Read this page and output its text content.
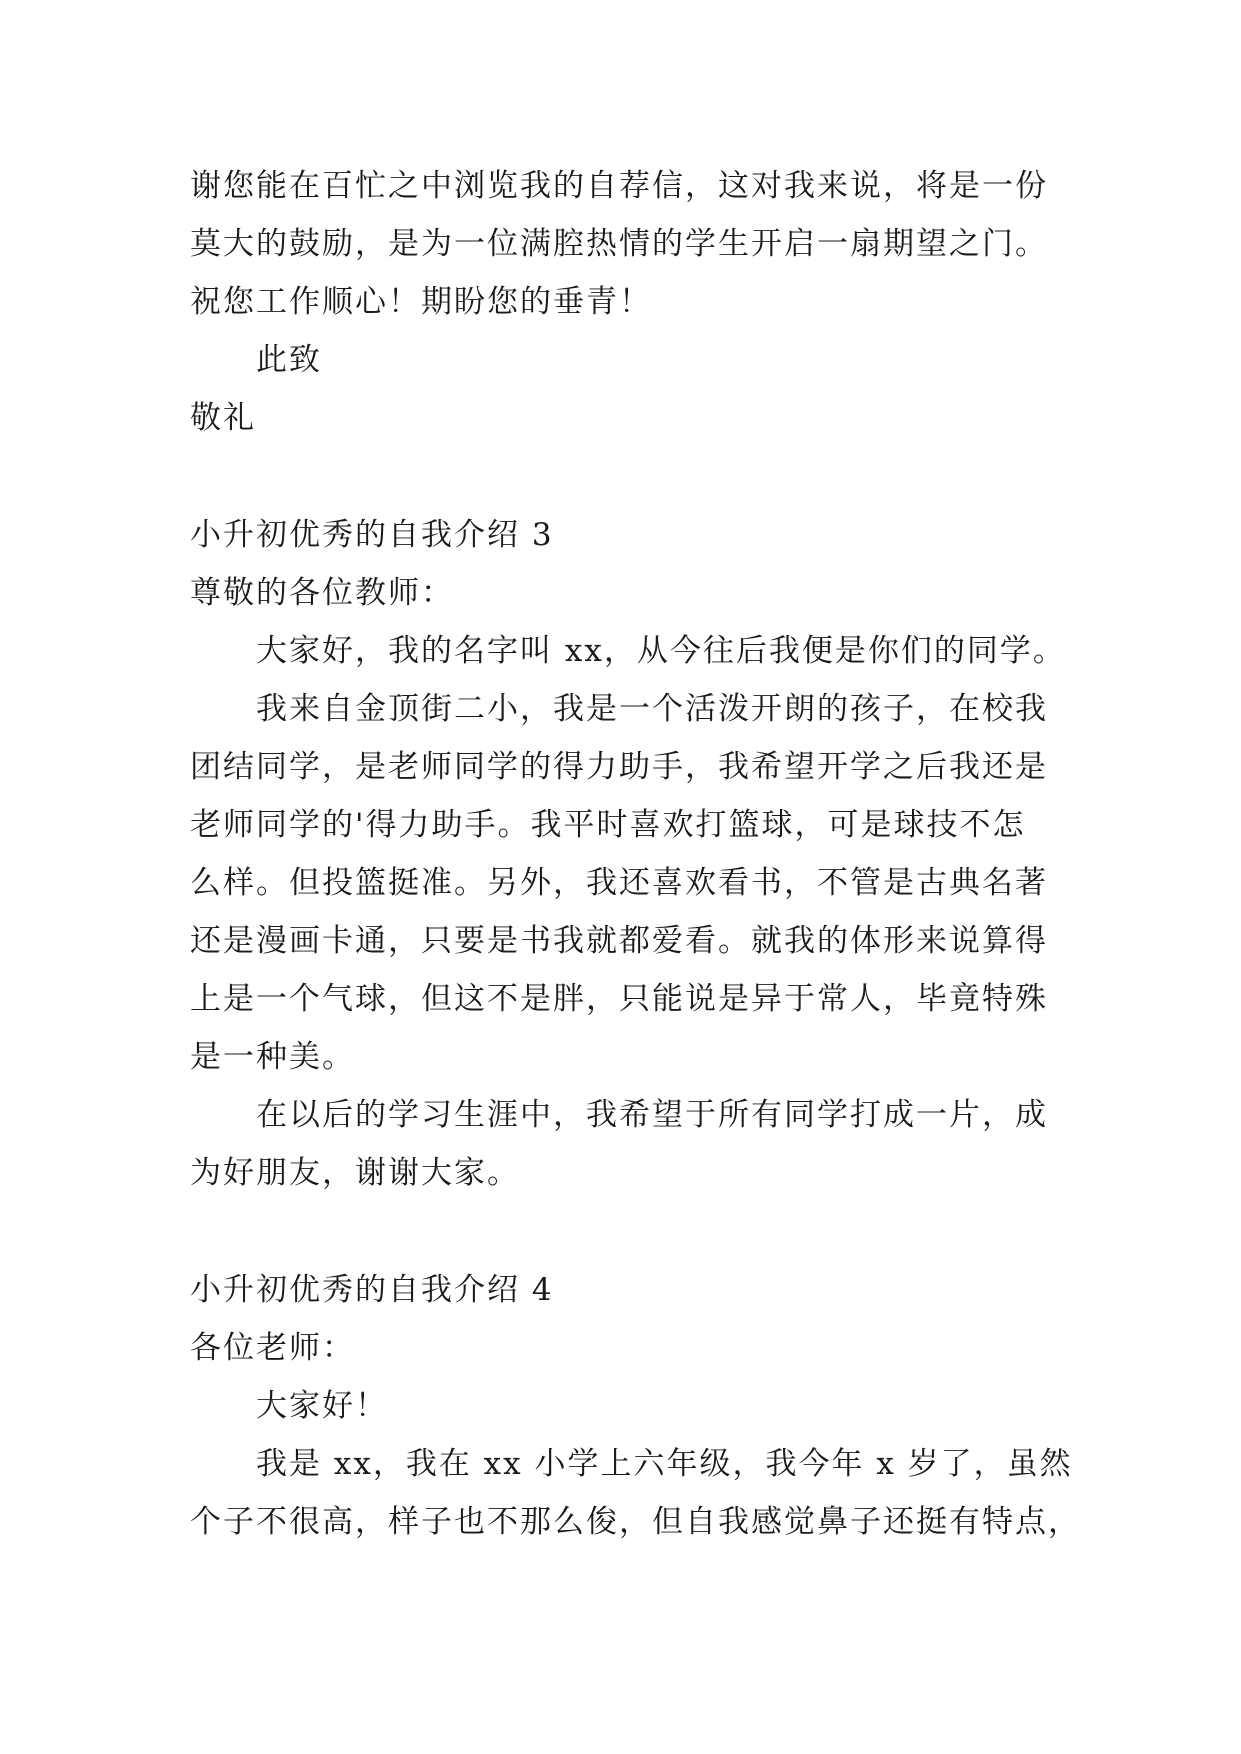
谢您能在百忙之中浏览我的自荐信，这对我来说，将是一份
莫大的鼓励，是为一位满腔热情的学生开启一扇期望之门。
祝您工作顺心！期盼您的垂青！
此致
敬礼
小升初优秀的自我介绍 3
尊敬的各位教师：
大家好，我的名字叫 xx，从今往后我便是你们的同学。
我来自金顶街二小，我是一个活泼开朗的孩子，在校我
团结同学，是老师同学的得力助手，我希望开学之后我还是
老师同学的'得力助手。我平时喜欢打篮球，可是球技不怎
么样。但投篮挺准。另外，我还喜欢看书，不管是古典名著
还是漫画卡通，只要是书我就都爱看。就我的体形来说算得
上是一个气球，但这不是胖，只能说是异于常人，毕竟特殊
是一种美。
在以后的学习生涯中，我希望于所有同学打成一片，成
为好朋友，谢谢大家。
小升初优秀的自我介绍 4
各位老师：
大家好！
我是 xx，我在 xx 小学上六年级，我今年 x 岁了，虽然
个子不很高，样子也不那么俊，但自我感觉鼻子还挺有特点，
